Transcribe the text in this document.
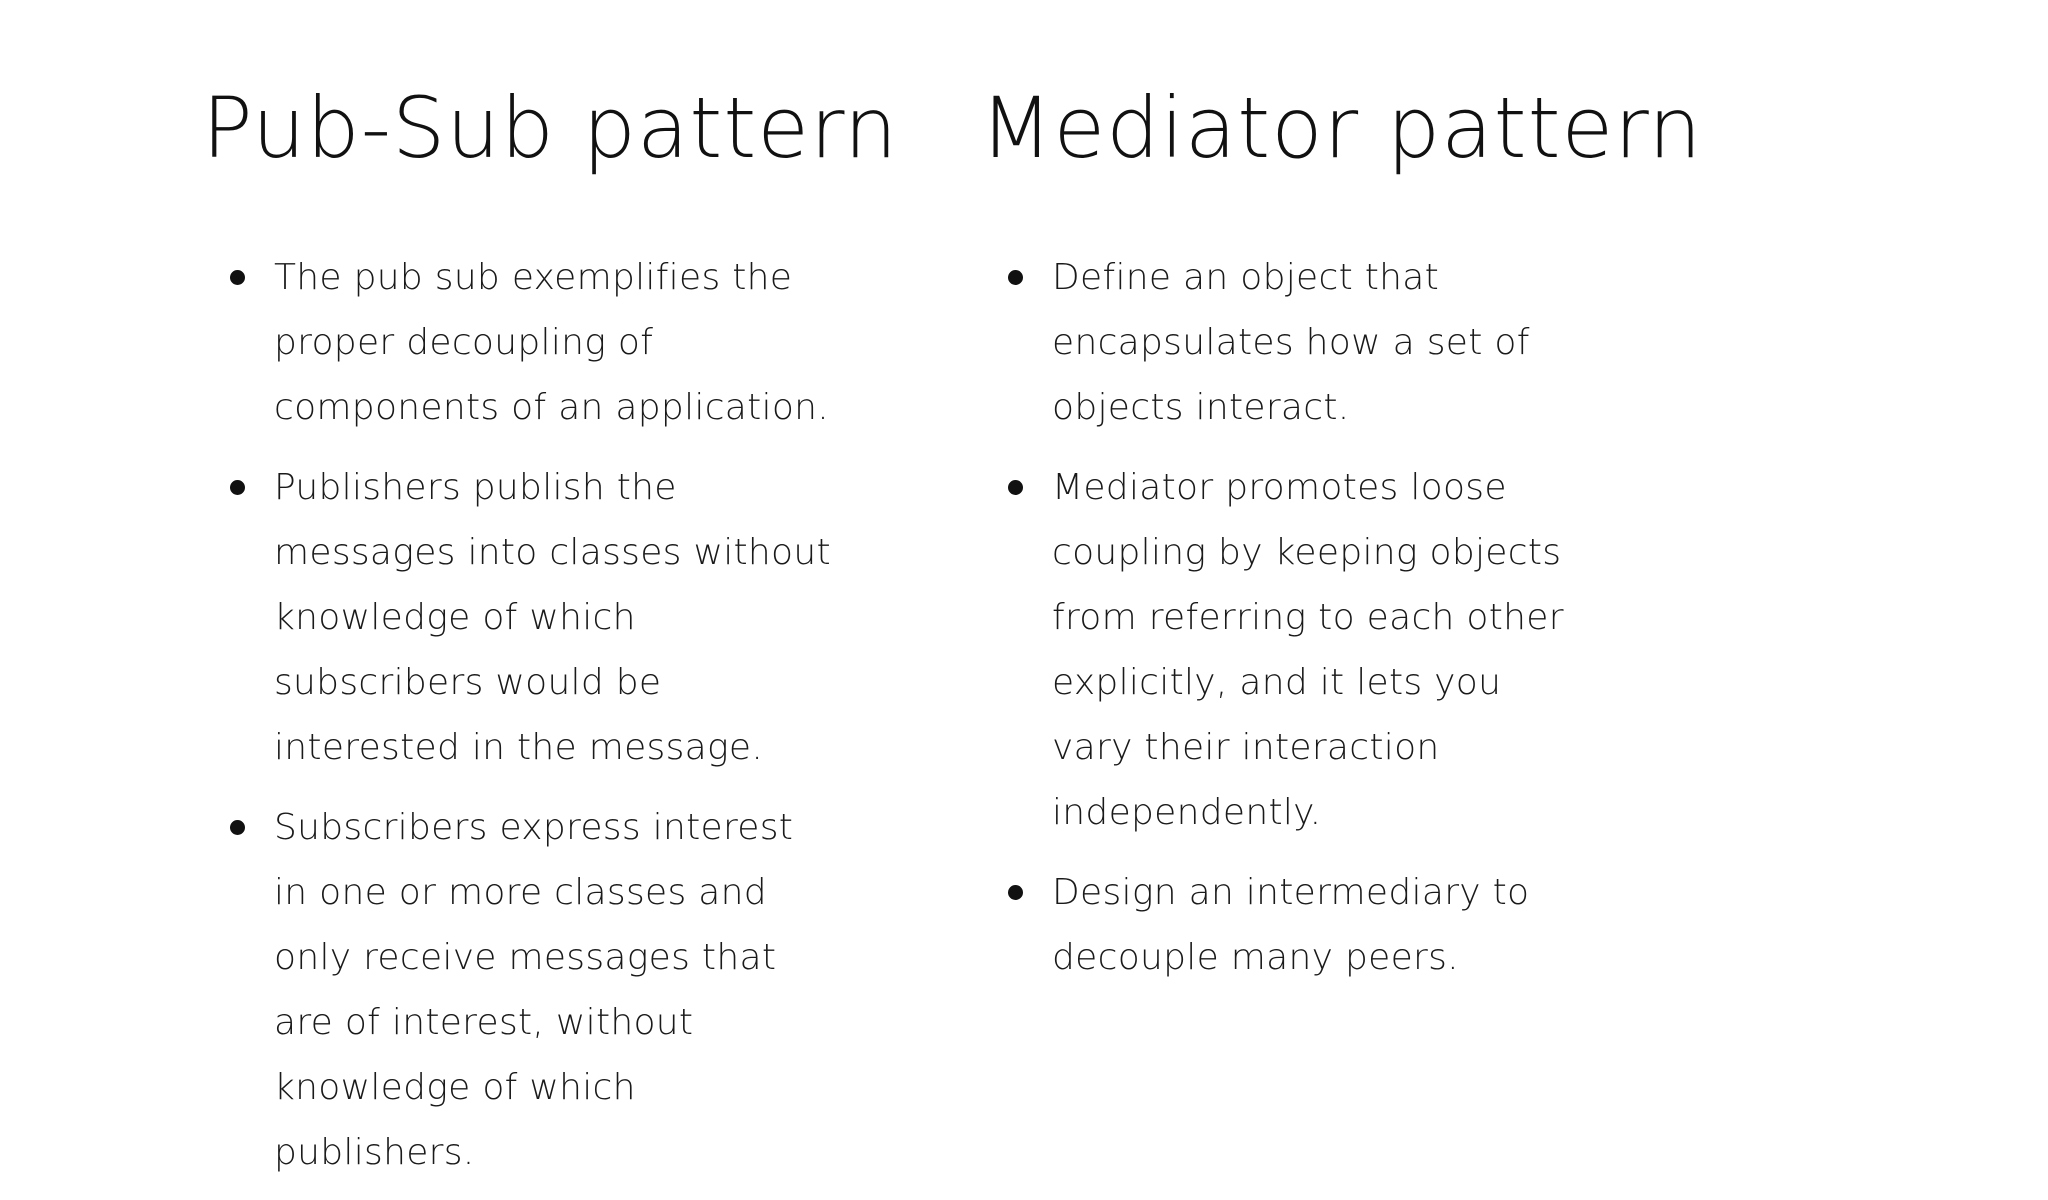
Pub-Sub pattern
The pub sub exemplifies the proper decoupling of components of an application.
Publishers publish the messages into classes without knowledge of which subscribers would be interested in the message.
Subscribers express interest in one or more classes and only receive messages that are of interest, without knowledge of which publishers.
Mediator pattern
Define an object that encapsulates how a set of objects interact.
Mediator promotes loose coupling by keeping objects from referring to each other explicitly, and it lets you vary their interaction independently.
Design an intermediary to decouple many peers.
